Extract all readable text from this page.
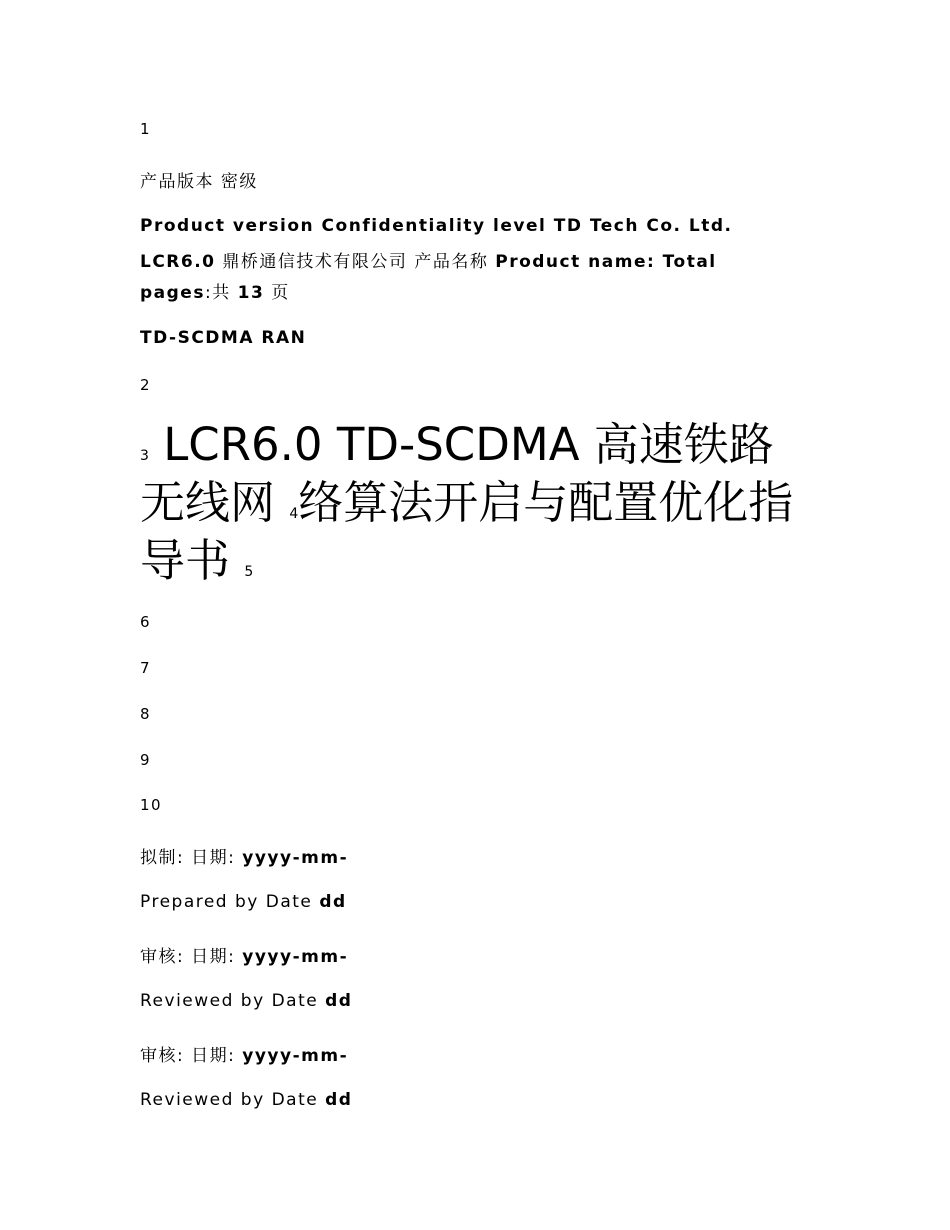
1
产品版本 密级
Product version Confidentiality level TD Tech Co. Ltd.
LCR6.0 鼎桥通信技术有限公司 产品名称 Product name: Total
pages:共 13 页
TD-SCDMA RAN
2
3 LCR6.0 TD-SCDMA 高速铁路
无线网 4络算法开启与配置优化指
导书 5
6
7
8
9
10
拟制: 日期: yyyy-mm-
Prepared by Date dd
审核: 日期: yyyy-mm-
Reviewed by Date dd
审核: 日期: yyyy-mm-
Reviewed by Date dd
